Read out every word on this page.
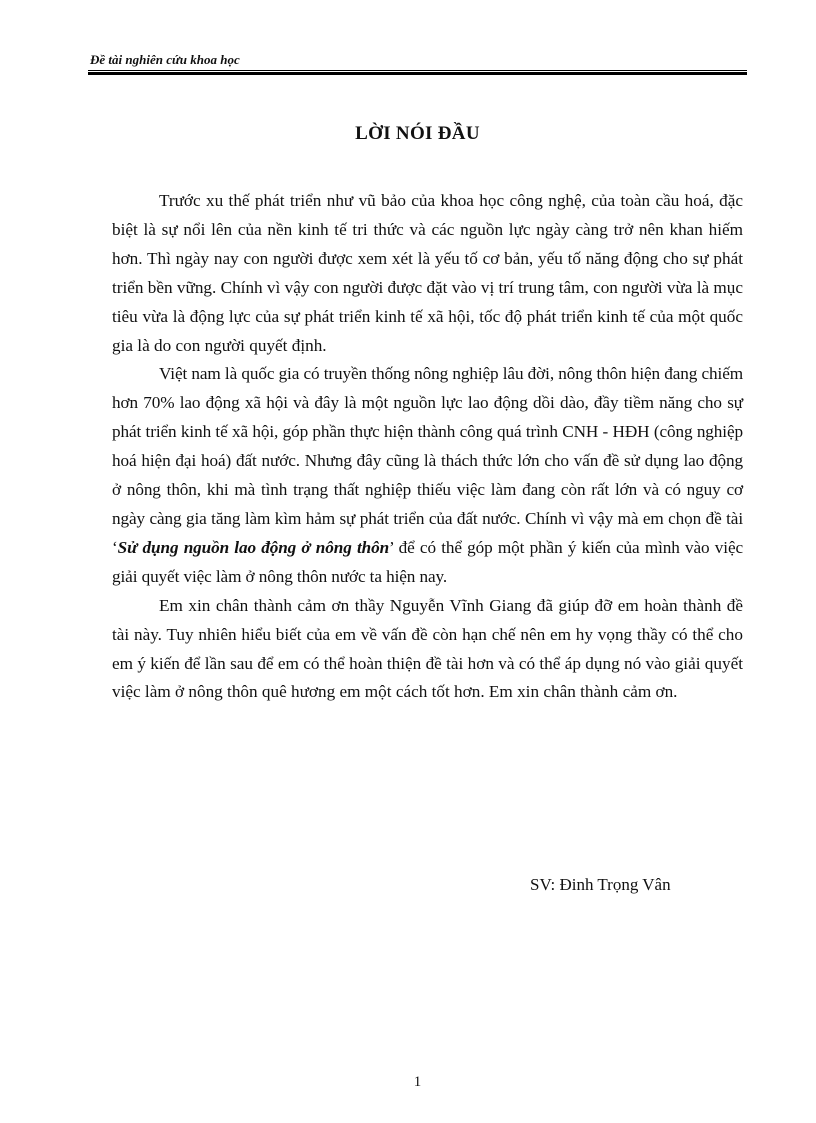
Đề tài nghiên cứu khoa học
LỜI NÓI ĐẦU

Trước xu thế phát triển như vũ bảo của khoa học công nghệ, của toàn cầu hoá, đặc biệt là sự nổi lên của nền kinh tế tri thức và các nguồn lực ngày càng trở nên khan hiếm hơn. Thì ngày nay con người được xem xét là yếu tố cơ bản, yếu tố năng động cho sự phát triển bền vững. Chính vì vậy con người được đặt vào vị trí trung tâm, con người vừa là mục tiêu vừa là động lực của sự phát triển kinh tế xã hội, tốc độ phát triển kinh tế của một quốc gia là do con người quyết định.

Việt nam là quốc gia có truyền thống nông nghiệp lâu đời, nông thôn hiện đang chiếm hơn 70% lao động xã hội và đây là một nguồn lực lao động dồi dào, đầy tiềm năng cho sự phát triển kinh tế xã hội, góp phần thực hiện thành công quá trình CNH - HĐH (công nghiệp hoá hiện đại hoá) đất nước. Nhưng đây cũng là thách thức lớn cho vấn đề sử dụng lao động ở nông thôn, khi mà tình trạng thất nghiệp thiếu việc làm đang còn rất lớn và có nguy cơ ngày càng gia tăng làm kìm hảm sự phát triển của đất nước. Chính vì vậy mà em chọn đề tài ‘Sử dụng nguồn lao động ở nông thôn’ để có thể góp một phần ý kiến của mình vào việc giải quyết việc làm ở nông thôn nước ta hiện nay.

Em xin chân thành cảm ơn thầy Nguyễn Vĩnh Giang đã giúp đỡ em hoàn thành đề tài này. Tuy nhiên hiểu biết của em về vấn đề còn hạn chế nên em hy vọng thầy có thể cho em ý kiến để lần sau để em có thể hoàn thiện đề tài hơn và có thể áp dụng nó vào giải quyết việc làm ở nông thôn quê hương em một cách tốt hơn. Em xin chân thành cảm ơn.

SV: Đinh Trọng Vân
1
